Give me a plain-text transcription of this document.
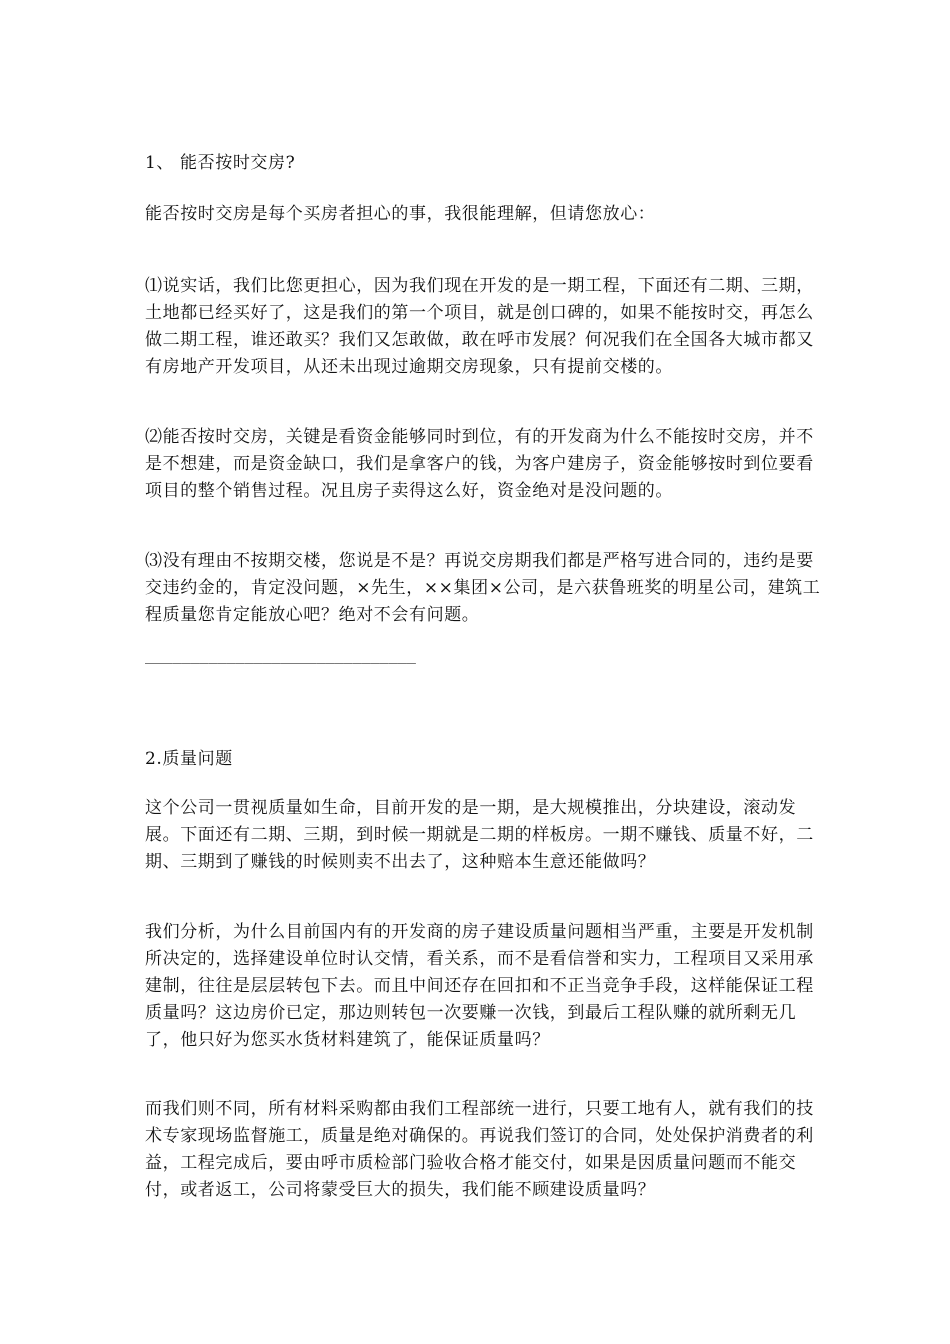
1、 能否按时交房?

能否按时交房是每个买房者担心的事，我很能理解，但请您放心：

⑴说实话，我们比您更担心，因为我们现在开发的是一期工程，下面还有二期、三期，土地都已经买好了，这是我们的第一个项目，就是创口碑的，如果不能按时交，再怎么做二期工程，谁还敢买？我们又怎敢做，敢在呼市发展？何况我们在全国各大城市都又有房地产开发项目，从还未出现过逾期交房现象，只有提前交楼的。

⑵能否按时交房，关键是看资金能够同时到位，有的开发商为什么不能按时交房，并不是不想建，而是资金缺口，我们是拿客户的钱，为客户建房子，资金能够按时到位要看项目的整个销售过程。况且房子卖得这么好，资金绝对是没问题的。

⑶没有理由不按期交楼，您说是不是？再说交房期我们都是严格写进合同的，违约是要交违约金的，肯定没问题，×先生，××集团×公司，是六获鲁班奖的明星公司，建筑工程质量您肯定能放心吧？绝对不会有问题。

______________________________

2.质量问题

这个公司一贯视质量如生命，目前开发的是一期，是大规模推出，分块建设，滚动发展。下面还有二期、三期，到时候一期就是二期的样板房。一期不赚钱、质量不好，二期、三期到了赚钱的时候则卖不出去了，这种赔本生意还能做吗？

我们分析，为什么目前国内有的开发商的房子建设质量问题相当严重，主要是开发机制所决定的，选择建设单位时认交情，看关系，而不是看信誉和实力，工程项目又采用承建制，往往是层层转包下去。而且中间还存在回扣和不正当竞争手段，这样能保证工程质量吗？这边房价已定，那边则转包一次要赚一次钱，到最后工程队赚的就所剩无几了，他只好为您买水货材料建筑了，能保证质量吗？

而我们则不同，所有材料采购都由我们工程部统一进行，只要工地有人，就有我们的技术专家现场监督施工，质量是绝对确保的。再说我们签订的合同，处处保护消费者的利益，工程完成后，要由呼市质检部门验收合格才能交付，如果是因质量问题而不能交付，或者返工，公司将蒙受巨大的损失，我们能不顾建设质量吗？
